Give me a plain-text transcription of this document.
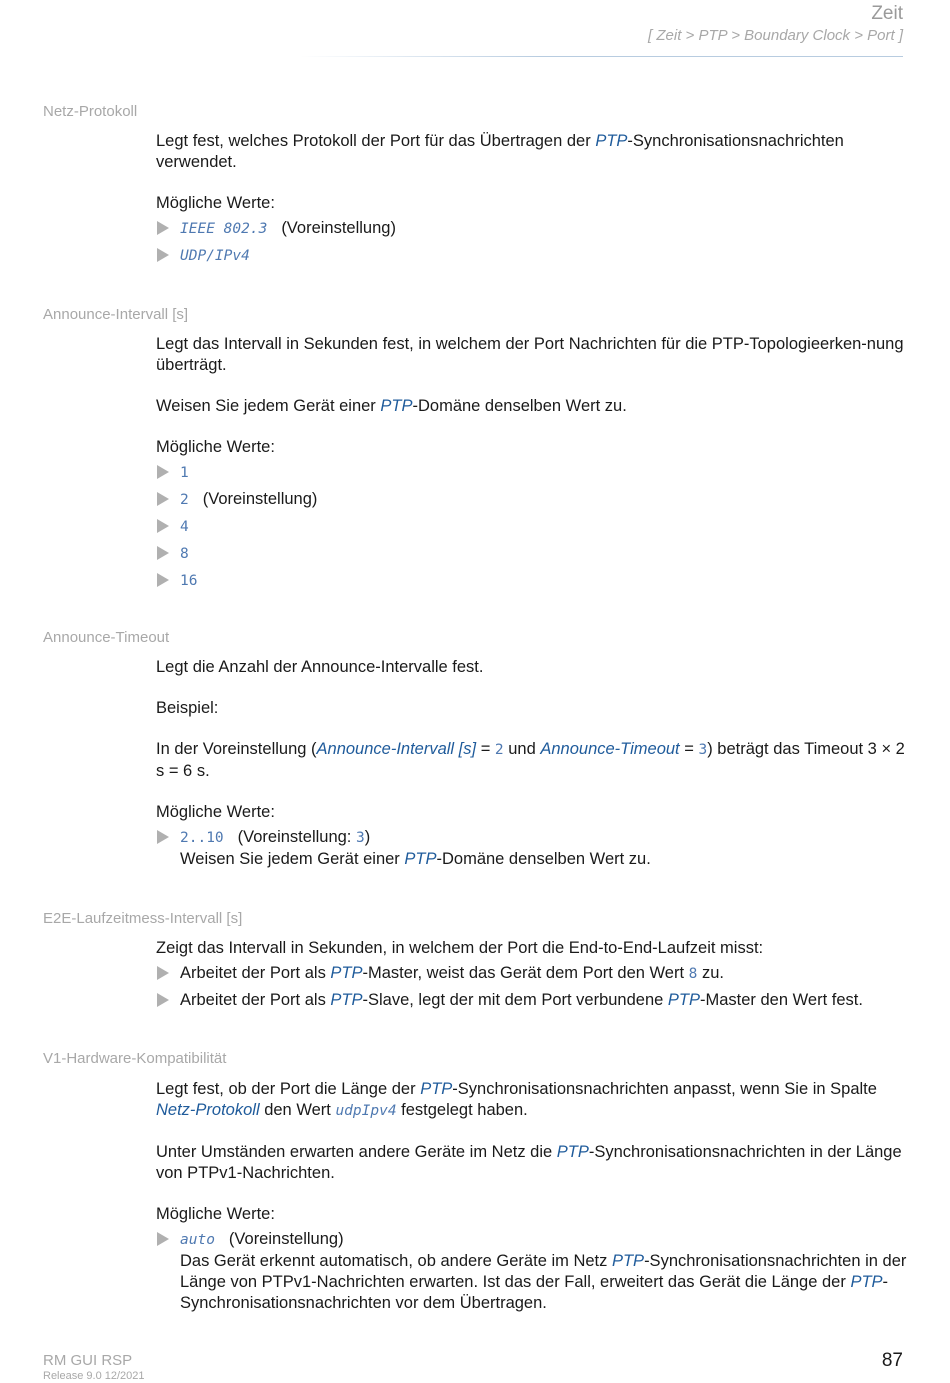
Zeit
[ Zeit > PTP > Boundary Clock > Port ]
Netz-Protokoll

Legt fest, welches Protokoll der Port für das Übertragen der PTP-Synchronisationsnachrichten verwendet.

Mögliche Werte:

IEEE 802.3 (Voreinstellung)
UDP/IPv4
Announce-Intervall [s]

Legt das Intervall in Sekunden fest, in welchem der Port Nachrichten für die PTP-Topologieerken-nung überträgt.

Weisen Sie jedem Gerät einer PTP-Domäne denselben Wert zu.

Mögliche Werte:

1
2 (Voreinstellung)
4
8
16
Announce-Timeout

Legt die Anzahl der Announce-Intervalle fest.

Beispiel:

In der Voreinstellung (Announce-Intervall [s] = 2 und Announce-Timeout = 3) beträgt das Timeout 3 × 2 s = 6 s.

Mögliche Werte:

2..10 (Voreinstellung: 3)
Weisen Sie jedem Gerät einer PTP-Domäne denselben Wert zu.
E2E-Laufzeitmess-Intervall [s]

Zeigt das Intervall in Sekunden, in welchem der Port die End-to-End-Laufzeit misst:

Arbeitet der Port als PTP-Master, weist das Gerät dem Port den Wert 8 zu.
Arbeitet der Port als PTP-Slave, legt der mit dem Port verbundene PTP-Master den Wert fest.
V1-Hardware-Kompatibilität

Legt fest, ob der Port die Länge der PTP-Synchronisationsnachrichten anpasst, wenn Sie in Spalte Netz-Protokoll den Wert udpIpv4 festgelegt haben.

Unter Umständen erwarten andere Geräte im Netz die PTP-Synchronisationsnachrichten in der Länge von PTPv1-Nachrichten.

Mögliche Werte:

auto (Voreinstellung)
Das Gerät erkennt automatisch, ob andere Geräte im Netz PTP-Synchronisationsnachrichten in der Länge von PTPv1-Nachrichten erwarten. Ist das der Fall, erweitert das Gerät die Länge der PTP-Synchronisationsnachrichten vor dem Übertragen.
RM GUI RSP
Release 9.0 12/2021
87
